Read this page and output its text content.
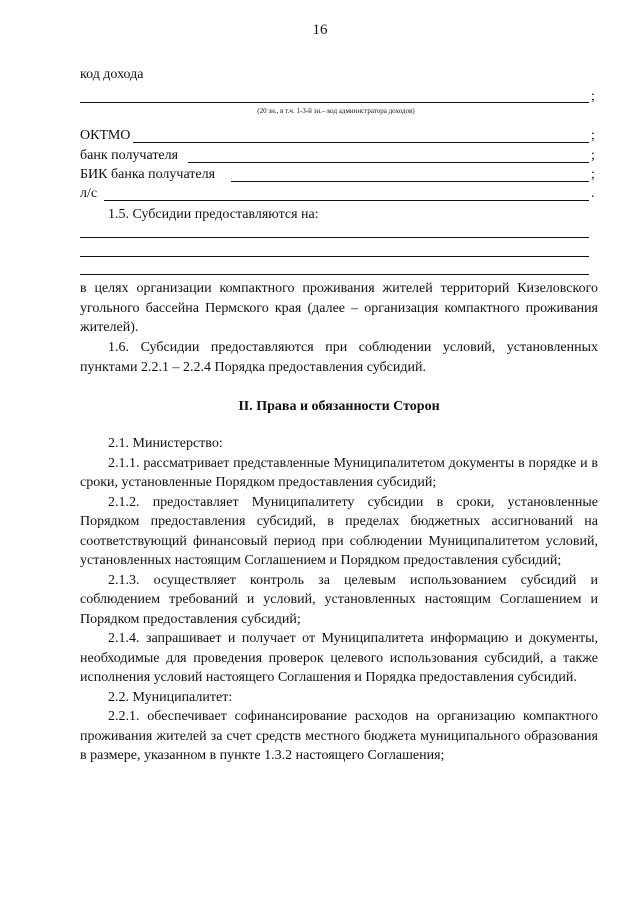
16
код дохода
;
(20 зн., в т.ч. 1-3-й зн.– код администратора доходов)
ОКТМО	;
банк получателя	;
БИК банка получателя	;
л/с	.

1.5. Субсидии предоставляются на:

в целях организации компактного проживания жителей территорий Кизеловского угольного бассейна Пермского края (далее – организация компактного проживания жителей).

1.6. Субсидии предоставляются при соблюдении условий, установленных пунктами 2.2.1 – 2.2.4 Порядка предоставления субсидий.

II. Права и обязанности Сторон

2.1. Министерство:

2.1.1. рассматривает представленные Муниципалитетом документы в порядке и в сроки, установленные Порядком предоставления субсидий;

2.1.2. предоставляет Муниципалитету субсидии в сроки, установленные Порядком предоставления субсидий, в пределах бюджетных ассигнований на соответствующий финансовый период при соблюдении Муниципалитетом условий, установленных настоящим Соглашением и Порядком предоставления субсидий;

2.1.3. осуществляет контроль за целевым использованием субсидий и соблюдением требований и условий, установленных настоящим Соглашением и Порядком предоставления субсидий;

2.1.4. запрашивает и получает от Муниципалитета информацию и документы, необходимые для проведения проверок целевого использования субсидий, а также исполнения условий настоящего Соглашения и Порядка предоставления субсидий.

2.2. Муниципалитет:

2.2.1. обеспечивает софинансирование расходов на организацию компактного проживания жителей за счет средств местного бюджета муниципального образования в размере, указанном в пункте 1.3.2 настоящего Соглашения;
